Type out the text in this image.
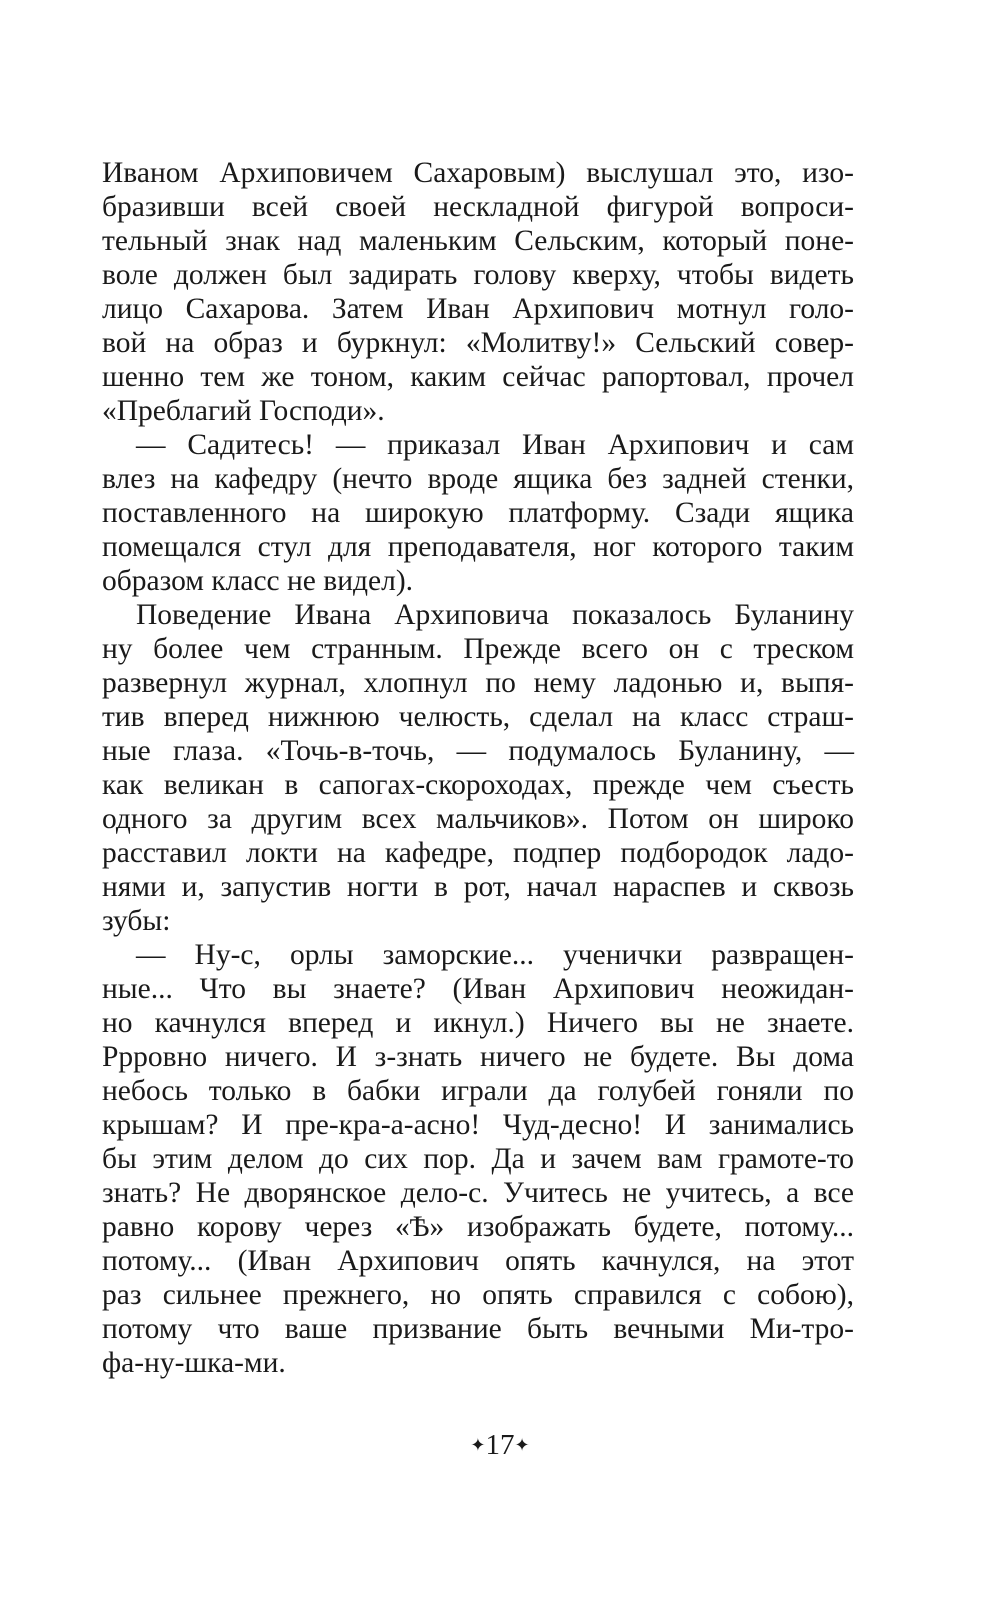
Иваном Архиповичем Сахаровым) выслушал это, изо-
бразивши всей своей нескладной фигурой вопроси-
тельный знак над маленьким Сельским, который поне-
воле должен был задирать голову кверху, чтобы видеть
лицо Сахарова. Затем Иван Архипович мотнул голо-
вой на образ и буркнул: «Молитву!» Сельский совер-
шенно тем же тоном, каким сейчас рапортовал, прочел
«Преблагий Господи».
— Садитесь! — приказал Иван Архипович и сам
влез на кафедру (нечто вроде ящика без задней стенки,
поставленного на широкую платформу. Сзади ящика
помещался стул для преподавателя, ног которого таким
образом класс не видел).
Поведение Ивана Архиповича показалось Буланину
ну более чем странным. Прежде всего он с треском
развернул журнал, хлопнул по нему ладонью и, выпя-
тив вперед нижнюю челюсть, сделал на класс страш-
ные глаза. «Точь-в-точь, — подумалось Буланину, —
как великан в сапогах-скороходах, прежде чем съесть
одного за другим всех мальчиков». Потом он широко
расставил локти на кафедре, подпер подбородок ладо-
нями и, запустив ногти в рот, начал нараспев и сквозь
зубы:
— Ну-с, орлы заморские... ученички развращен-
ные... Что вы знаете? (Иван Архипович неожидан-
но качнулся вперед и икнул.) Ничего вы не знаете.
Ррровно ничего. И з-знать ничего не будете. Вы дома
небось только в бабки играли да голубей гоняли по
крышам? И пре-кра-а-асно! Чуд-десно! И занимались
бы этим делом до сих пор. Да и зачем вам грамоте-то
знать? Не дворянское дело-с. Учитесь не учитесь, а все
равно корову через «Ѣ» изображать будете, потому...
потому... (Иван Архипович опять качнулся, на этот
раз сильнее прежнего, но опять справился с собою),
потому что ваше призвание быть вечными Ми-тро-
фа-ну-шка-ми.
✦17✦
